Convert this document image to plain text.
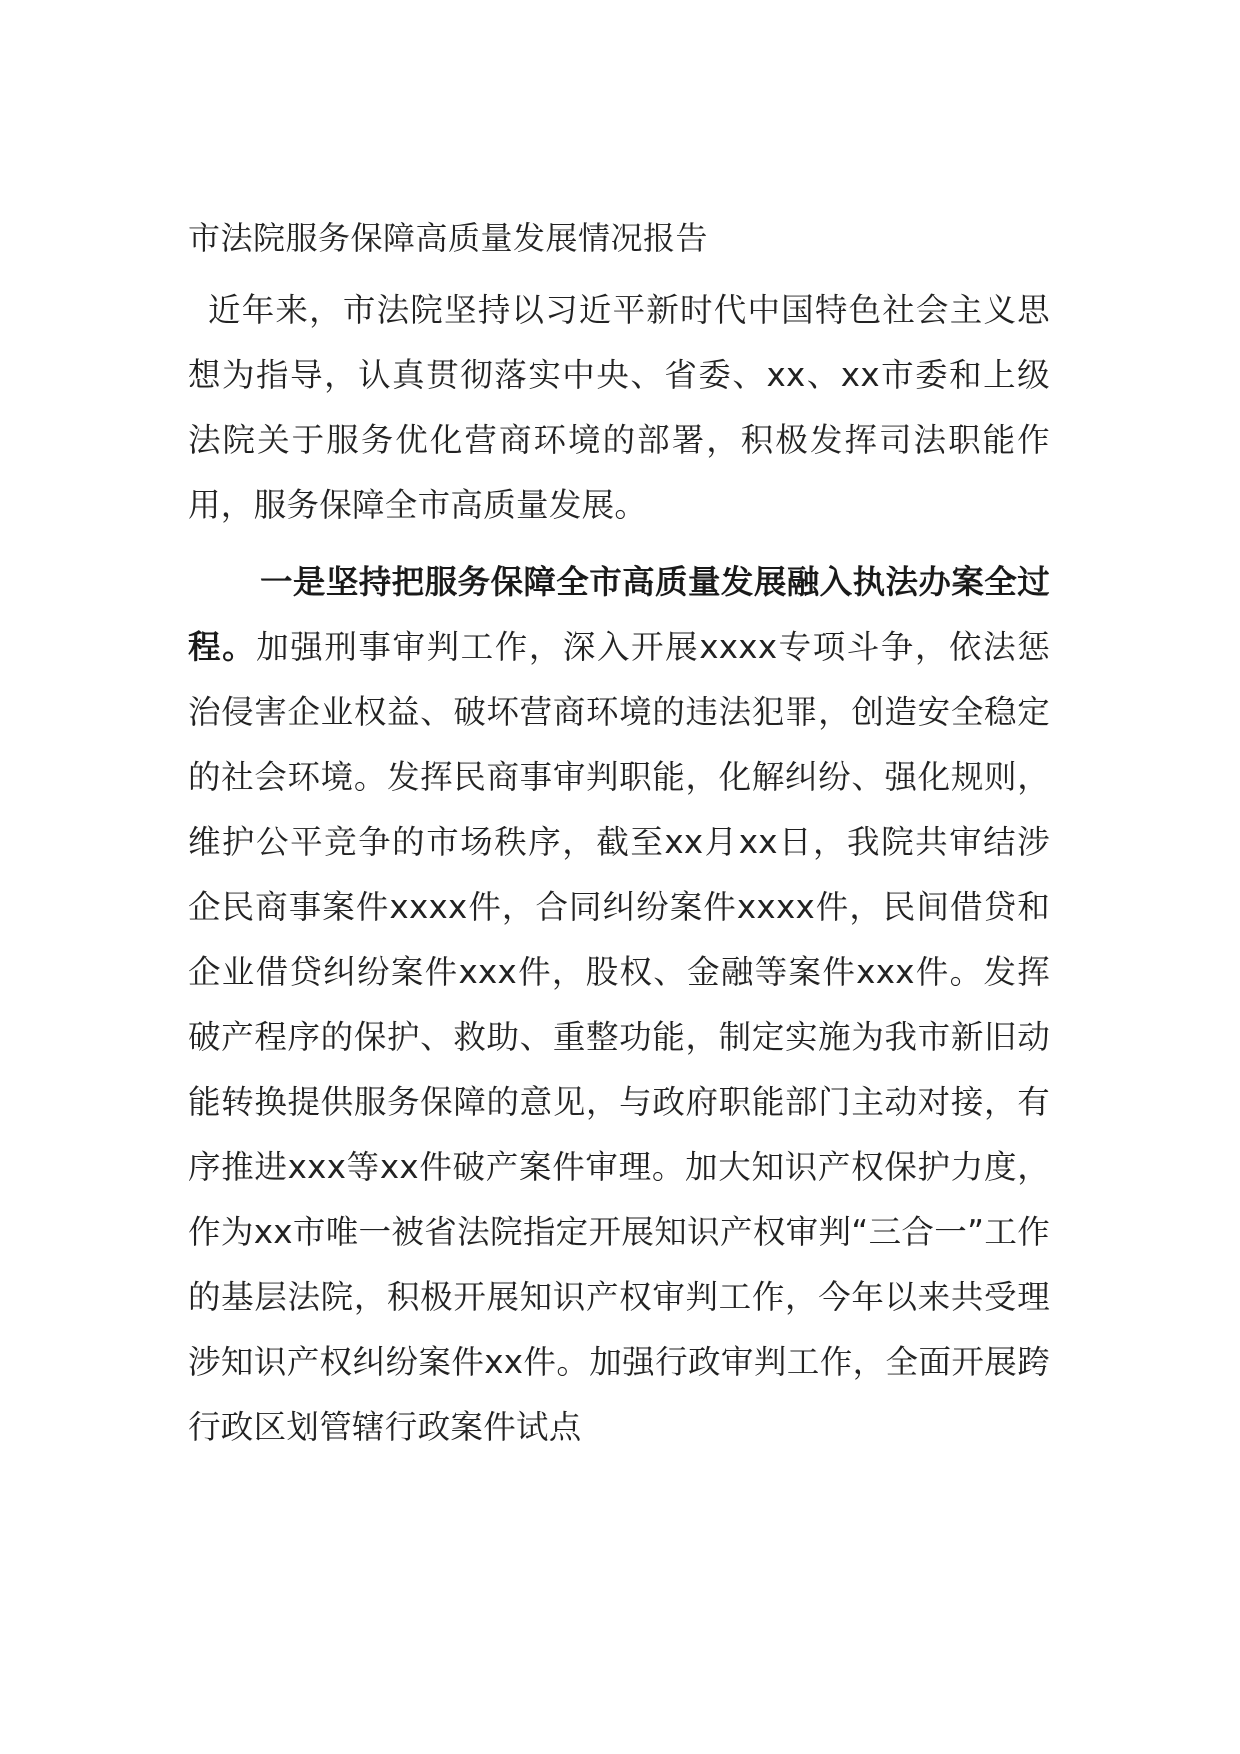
市法院服务保障高质量发展情况报告

近年来，市法院坚持以习近平新时代中国特色社会主义思想为指导，认真贯彻落实中央、省委、xx、xx市委和上级法院关于服务优化营商环境的部署，积极发挥司法职能作用，服务保障全市高质量发展。

一是坚持把服务保障全市高质量发展融入执法办案全过程。加强刑事审判工作，深入开展xxxx专项斗争，依法惩治侵害企业权益、破坏营商环境的违法犯罪，创造安全稳定的社会环境。发挥民商事审判职能，化解纠纷、强化规则，维护公平竞争的市场秩序，截至xx月xx日，我院共审结涉企民商事案件xxxx件，合同纠纷案件xxxx件，民间借贷和企业借贷纠纷案件xxx件，股权、金融等案件xxx件。发挥破产程序的保护、救助、重整功能，制定实施为我市新旧动能转换提供服务保障的意见，与政府职能部门主动对接，有序推进xxx等xx件破产案件审理。加大知识产权保护力度，作为xx市唯一被省法院指定开展知识产权审判“三合一”工作的基层法院，积极开展知识产权审判工作，今年以来共受理涉知识产权纠纷案件xx件。加强行政审判工作，全面开展跨行政区划管辖行政案件试点
